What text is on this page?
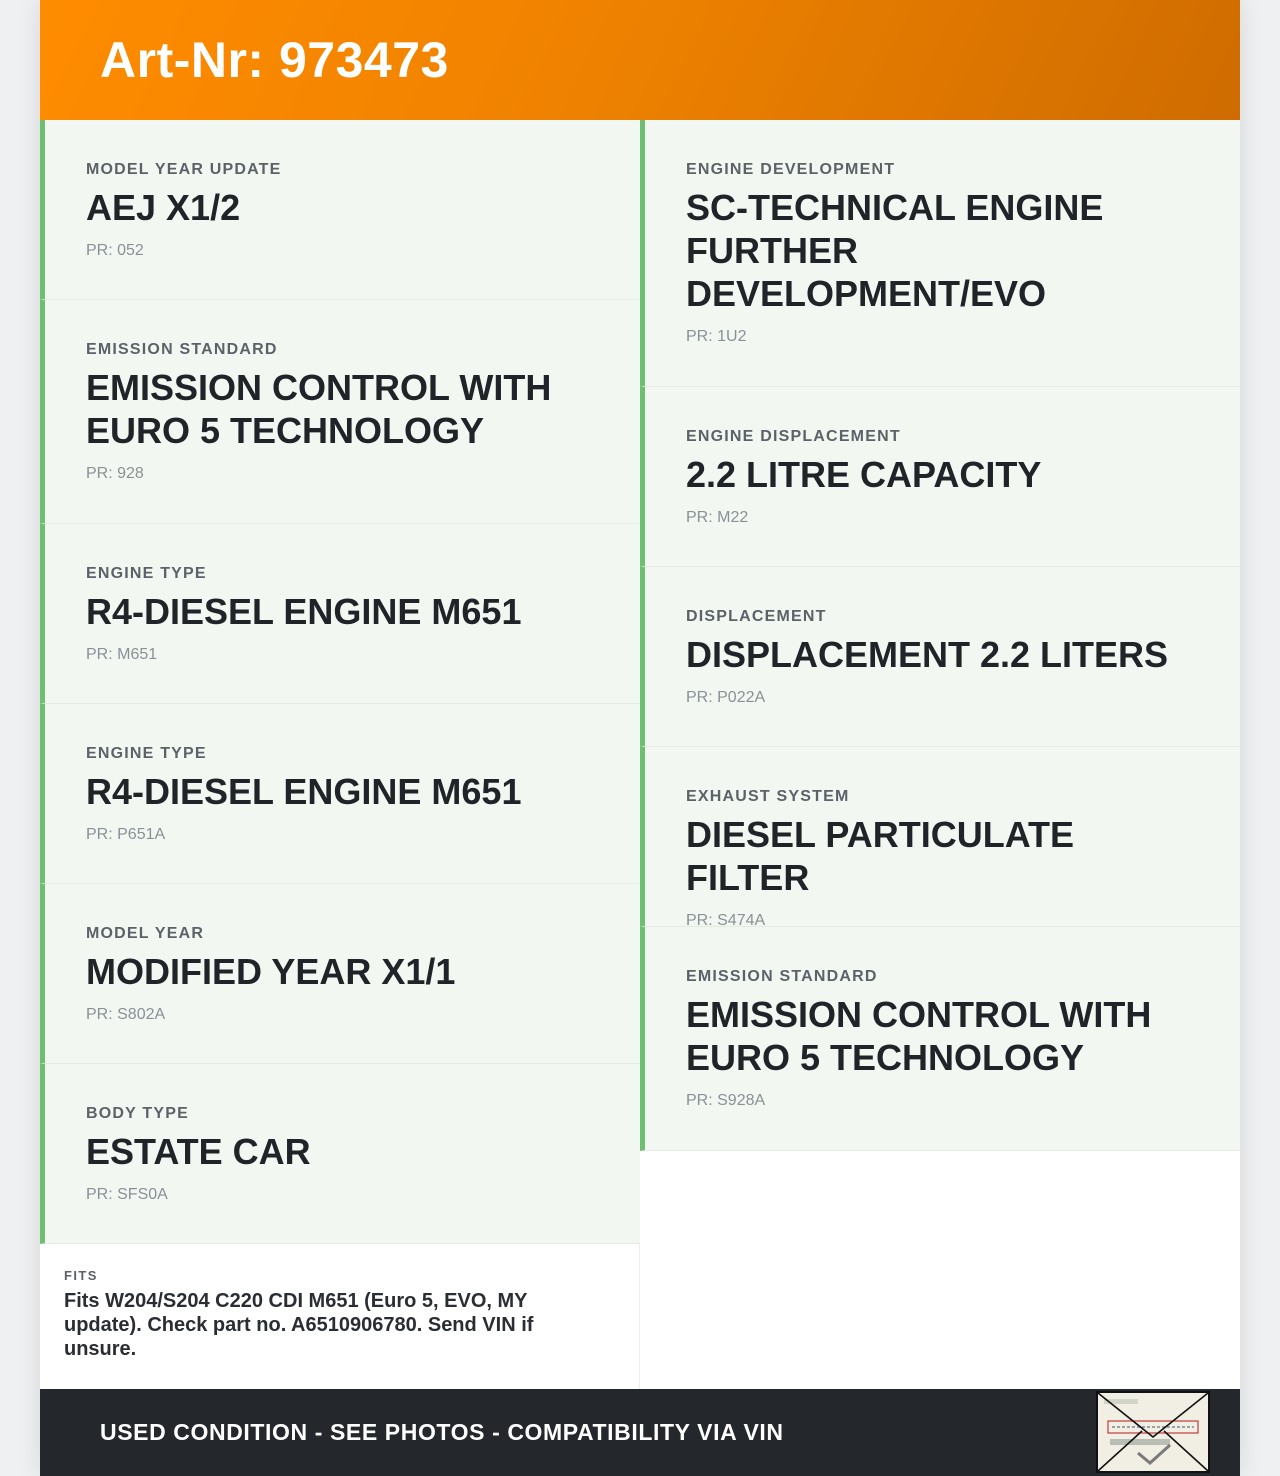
Art-Nr: 973473
MODEL YEAR UPDATE
AEJ X1/2
PR: 052
EMISSION STANDARD
EMISSION CONTROL WITH EURO 5 TECHNOLOGY
PR: 928
ENGINE TYPE
R4-DIESEL ENGINE M651
PR: M651
ENGINE TYPE
R4-DIESEL ENGINE M651
PR: P651A
MODEL YEAR
MODIFIED YEAR X1/1
PR: S802A
BODY TYPE
ESTATE CAR
PR: SFS0A
FITS
Fits W204/S204 C220 CDI M651 (Euro 5, EVO, MY update). Check part no. A6510906780. Send VIN if unsure.
ENGINE DEVELOPMENT
SC-TECHNICAL ENGINE FURTHER DEVELOPMENT/EVO
PR: 1U2
ENGINE DISPLACEMENT
2.2 LITRE CAPACITY
PR: M22
DISPLACEMENT
DISPLACEMENT 2.2 LITERS
PR: P022A
EXHAUST SYSTEM
DIESEL PARTICULATE FILTER
PR: S474A
EMISSION STANDARD
EMISSION CONTROL WITH EURO 5 TECHNOLOGY
PR: S928A
USED CONDITION - SEE PHOTOS - COMPATIBILITY VIA VIN
